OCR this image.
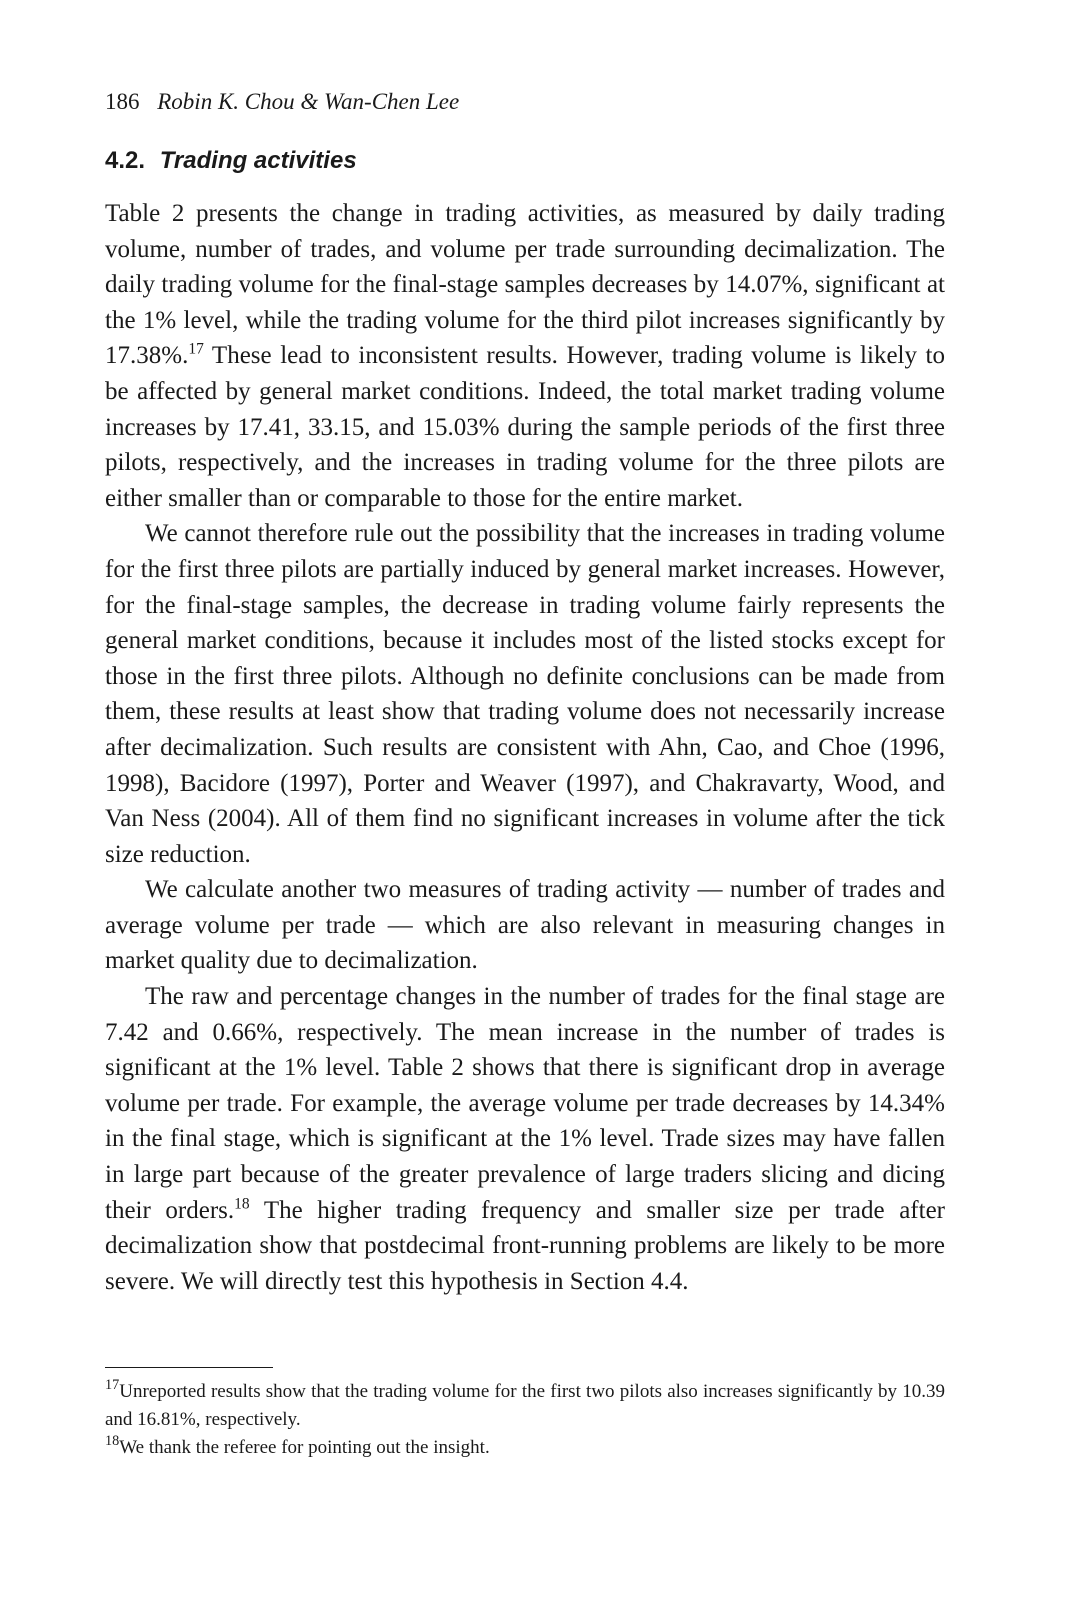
186 Robin K. Chou & Wan-Chen Lee
4.2. Trading activities

Table 2 presents the change in trading activities, as measured by daily trading volume, number of trades, and volume per trade surrounding decimalization. The daily trading volume for the final-stage samples decreases by 14.07%, significant at the 1% level, while the trading volume for the third pilot increases significantly by 17.38%.$^{17}$ These lead to inconsistent results. However, trading volume is likely to be affected by general market conditions. Indeed, the total market trading volume increases by 17.41, 33.15, and 15.03% during the sample periods of the first three pilots, respectively, and the increases in trading volume for the three pilots are either smaller than or comparable to those for the entire market.

We cannot therefore rule out the possibility that the increases in trading volume for the first three pilots are partially induced by general market increases. However, for the final-stage samples, the decrease in trading volume fairly represents the general market conditions, because it includes most of the listed stocks except for those in the first three pilots. Although no definite conclusions can be made from them, these results at least show that trading volume does not necessarily increase after decimalization. Such results are consistent with Ahn, Cao, and Choe (1996, 1998), Bacidore (1997), Porter and Weaver (1997), and Chakravarty, Wood, and Van Ness (2004). All of them find no significant increases in volume after the tick size reduction.

We calculate another two measures of trading activity — number of trades and average volume per trade — which are also relevant in measuring changes in market quality due to decimalization.

The raw and percentage changes in the number of trades for the final stage are 7.42 and 0.66%, respectively. The mean increase in the number of trades is significant at the 1% level. Table 2 shows that there is significant drop in average volume per trade. For example, the average volume per trade decreases by 14.34% in the final stage, which is significant at the 1% level. Trade sizes may have fallen in large part because of the greater prevalence of large traders slicing and dicing their orders.$^{18}$ The higher trading frequency and smaller size per trade after decimalization show that postdecimal front-running problems are likely to be more severe. We will directly test this hypothesis in Section 4.4.

$^{17}$Unreported results show that the trading volume for the first two pilots also increases significantly by 10.39 and 16.81%, respectively.

$^{18}$We thank the referee for pointing out the insight.
